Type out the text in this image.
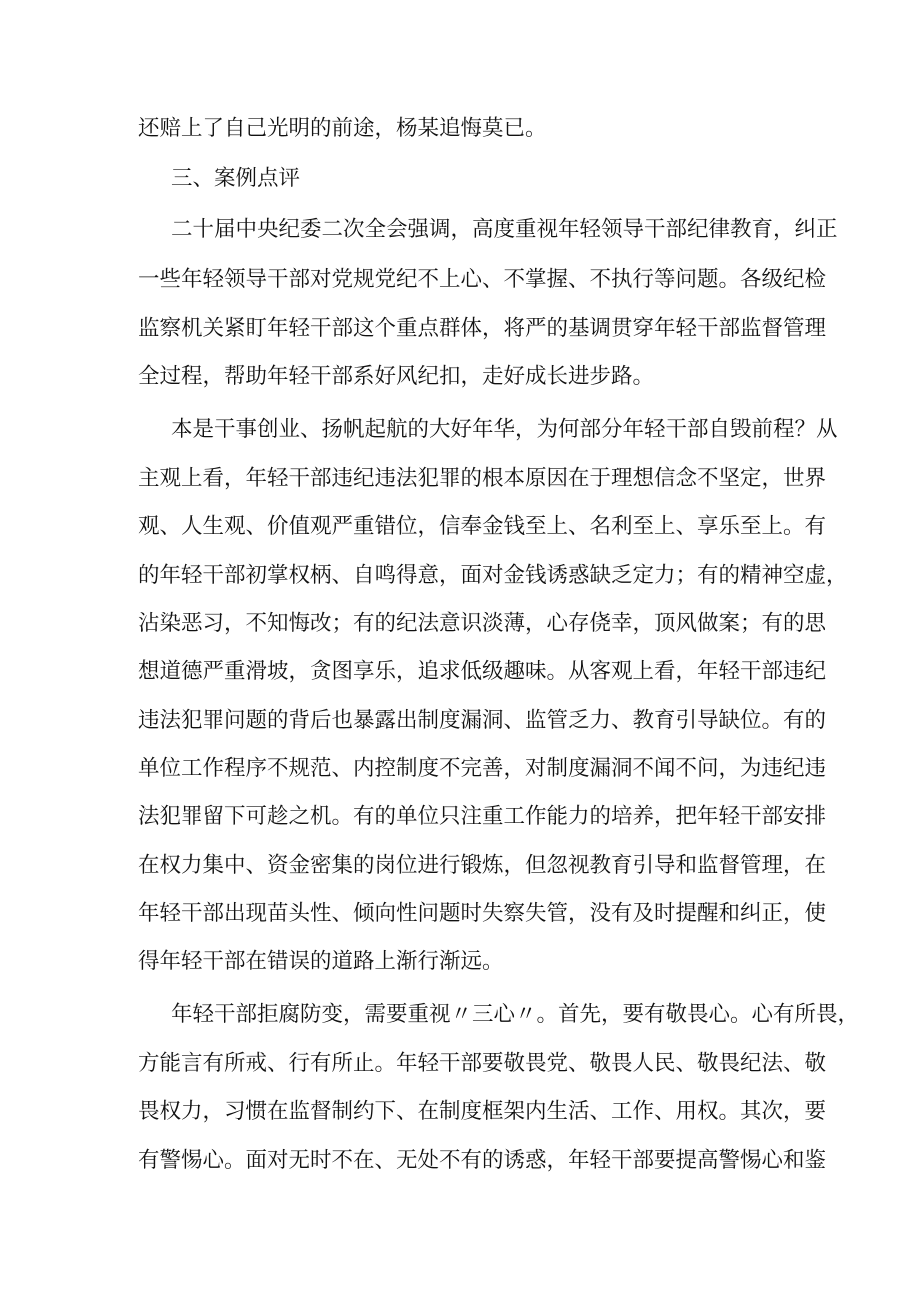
还赔上了自己光明的前途，杨某追悔莫已。
三、案例点评
二十届中央纪委二次全会强调，高度重视年轻领导干部纪律教育，纠正
一些年轻领导干部对党规党纪不上心、不掌握、不执行等问题。各级纪检
监察机关紧盯年轻干部这个重点群体，将严的基调贯穿年轻干部监督管理
全过程，帮助年轻干部系好风纪扣，走好成长进步路。
本是干事创业、扬帆起航的大好年华，为何部分年轻干部自毁前程？从
主观上看，年轻干部违纪违法犯罪的根本原因在于理想信念不坚定，世界
观、人生观、价值观严重错位，信奉金钱至上、名利至上、享乐至上。有
的年轻干部初掌权柄、自鸣得意，面对金钱诱惑缺乏定力；有的精神空虚，
沾染恶习，不知悔改；有的纪法意识淡薄，心存侥幸，顶风做案；有的思
想道德严重滑坡，贪图享乐，追求低级趣味。从客观上看，年轻干部违纪
违法犯罪问题的背后也暴露出制度漏洞、监管乏力、教育引导缺位。有的
单位工作程序不规范、内控制度不完善，对制度漏洞不闻不问，为违纪违
法犯罪留下可趁之机。有的单位只注重工作能力的培养，把年轻干部安排
在权力集中、资金密集的岗位进行锻炼，但忽视教育引导和监督管理，在
年轻干部出现苗头性、倾向性问题时失察失管，没有及时提醒和纠正，使
得年轻干部在错误的道路上渐行渐远。
年轻干部拒腐防变，需要重视〃三心〃。首先，要有敬畏心。心有所畏，
方能言有所戒、行有所止。年轻干部要敬畏党、敬畏人民、敬畏纪法、敬
畏权力，习惯在监督制约下、在制度框架内生活、工作、用权。其次，要
有警惕心。面对无时不在、无处不有的诱惑，年轻干部要提高警惕心和鉴
